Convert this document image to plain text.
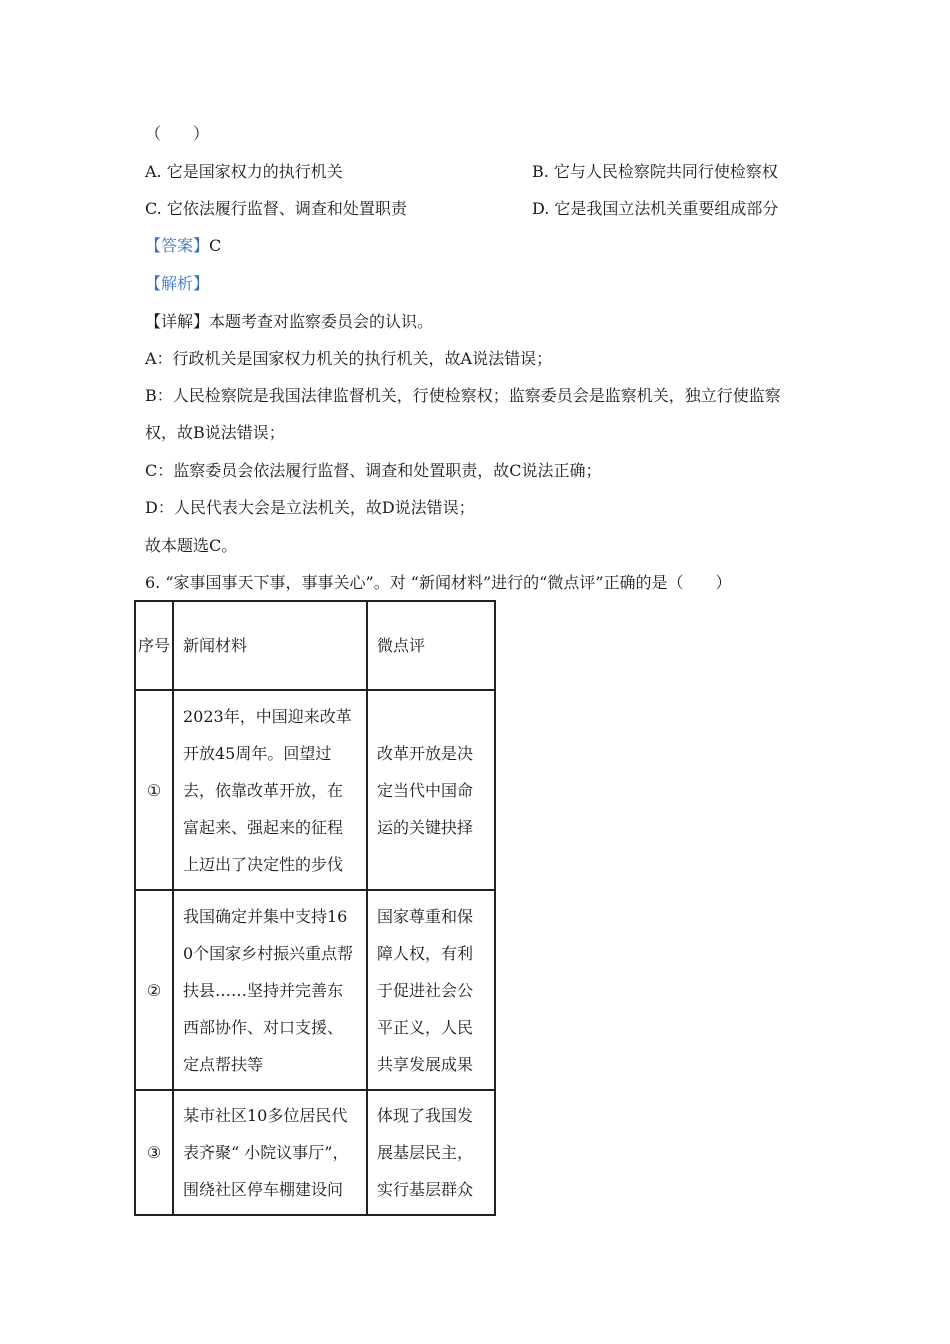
（　　）
A. 它是国家权力的执行机关	B. 它与人民检察院共同行使检察权
C. 它依法履行监督、调查和处置职责	D. 它是我国立法机关重要组成部分
【答案】C
【解析】
【详解】本题考查对监察委员会的认识。
A：行政机关是国家权力机关的执行机关，故A说法错误；
B：人民检察院是我国法律监督机关，行使检察权；监察委员会是监察机关，独立行使监察
权，故B说法错误；
C：监察委员会依法履行监督、调查和处置职责，故C说法正确；
D：人民代表大会是立法机关，故D说法错误；
故本题选C。
6. “家事国事天下事，事事关心”。对 “新闻材料”进行的“微点评”正确的是（　　）
序号	新闻材料	微点评
①	2023年，中国迎来改革开放45周年。回望过去，依靠改革开放，在富起来、强起来的征程上迈出了决定性的步伐	改革开放是决定当代中国命运的关键抉择
②	我国确定并集中支持160个国家乡村振兴重点帮扶县……坚持并完善东西部协作、对口支援、定点帮扶等	国家尊重和保障人权，有利于促进社会公平正义，人民共享发展成果
③	某市社区10多位居民代表齐聚“ 小院议事厅”，围绕社区停车棚建设问	体现了我国发展基层民主，实行基层群众
